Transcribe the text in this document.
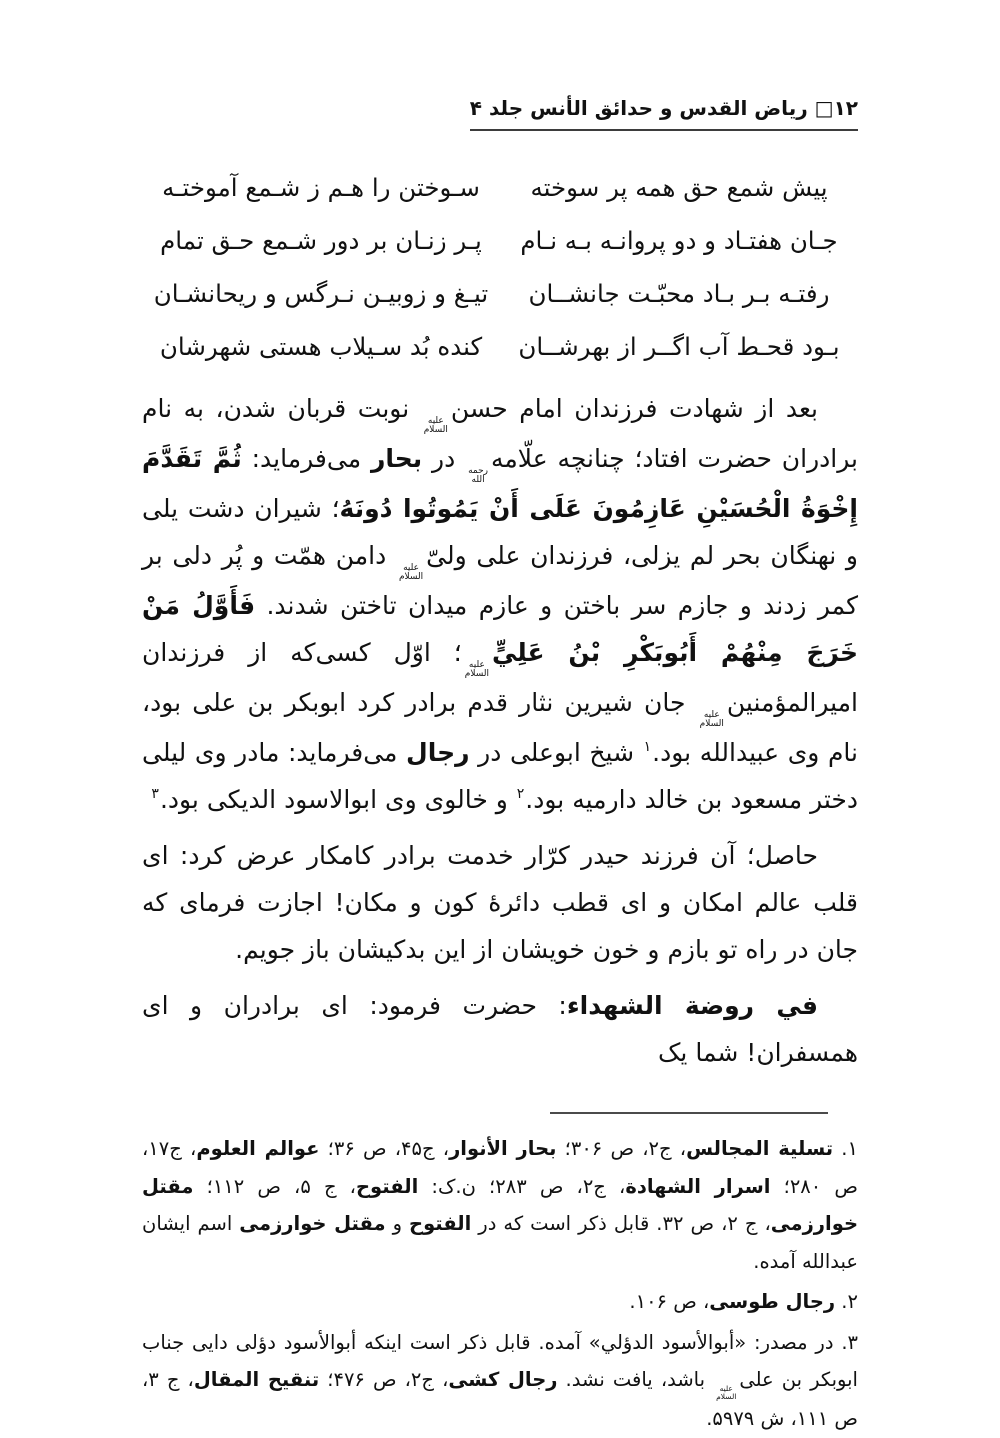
۱۲□ ریاض القدس و حدائق الأنس جلد ۴
پیش شمع حق همه پر سوخته
سـوختن را هـم ز شـمع آموختـه
جـان هفتـاد و دو پروانـه بـه نـام
پـر زنـان بر دور شـمع حـق تمام
رفتـه بـر بـاد محبّـت جانشــان
تیـغ و زوبیـن نـرگس و ریحانشـان
بـود قحـط آب اگــر از بهرشــان
کنده بُد سـیلاب هستی شهرشان

بعد از شهادت فرزندان امام حسن
عليه
السلام
نوبت قربان شدن، به نام برادران حضرت افتاد؛ چنانچه علّامه
رحمه
الله
در بحار می‌فرماید: ثُمَّ تَقَدَّمَ إِخْوَةُ الْحُسَيْنِ عَازِمُونَ عَلَى أَنْ يَمُوتُوا دُونَهُ؛ شیران دشت یلی و نهنگان بحر لم یزلی، فرزندان علی ولیّ
عليه
السلام
دامن همّت و پُر دلی بر کمر زدند و جازم سر باختن و عازم میدان تاختن شدند. فَأَوَّلُ مَنْ خَرَجَ مِنْهُمْ أَبُوبَكْرِ بْنُ عَلِيٍّ
عليه
السلام
؛ اوّل کسی‌که از فرزندان امیرالمؤمنین
عليه
السلام
جان شیرین نثار قدم برادر کرد ابوبکر بن علی بود، نام وی عبیدالله بود.$^۱$ شیخ ابوعلی در رجال می‌فرماید: مادر وی لیلی دختر مسعود بن خالد دارمیه بود.$^۲$ و خالوی وی ابوالاسود الدیکی بود.$^۳$

حاصل؛ آن فرزند حیدر کرّار خدمت برادر کامکار عرض کرد: ای قلب عالم امکان و ای قطب دائرهٔ کون و مکان! اجازت فرمای که جان در راه تو بازم و خون خویشان از این بدکیشان باز جویم.

في روضة الشهداء: حضرت فرمود: ای برادران و ای همسفران! شما یک

۱. تسلية المجالس، ج۲، ص ۳۰۶؛ بحار الأنوار، ج۴۵، ص ۳۶؛ عوالم العلوم، ج۱۷، ص ۲۸۰؛ اسرار الشهادة، ج۲، ص ۲۸۳؛ ن.ک: الفتوح، ج ۵، ص ۱۱۲؛ مقتل خوارزمی، ج ۲، ص ۳۲. قابل ذکر است که در الفتوح و مقتل خوارزمی اسم ایشان عبدالله آمده.

۲. رجال طوسی، ص ۱۰۶.

۳. در مصدر: «أبوالأسود الدؤلي» آمده. قابل ذکر است اینکه أبوالأسود دؤلی دایی جناب ابوبکر بن علی
عليه
السلام
باشد، یافت نشد. رجال کشی، ج۲، ص ۴۷۶؛ تنقیح المقال، ج ۳، ص ۱۱۱، ش ۵۹۷۹.
